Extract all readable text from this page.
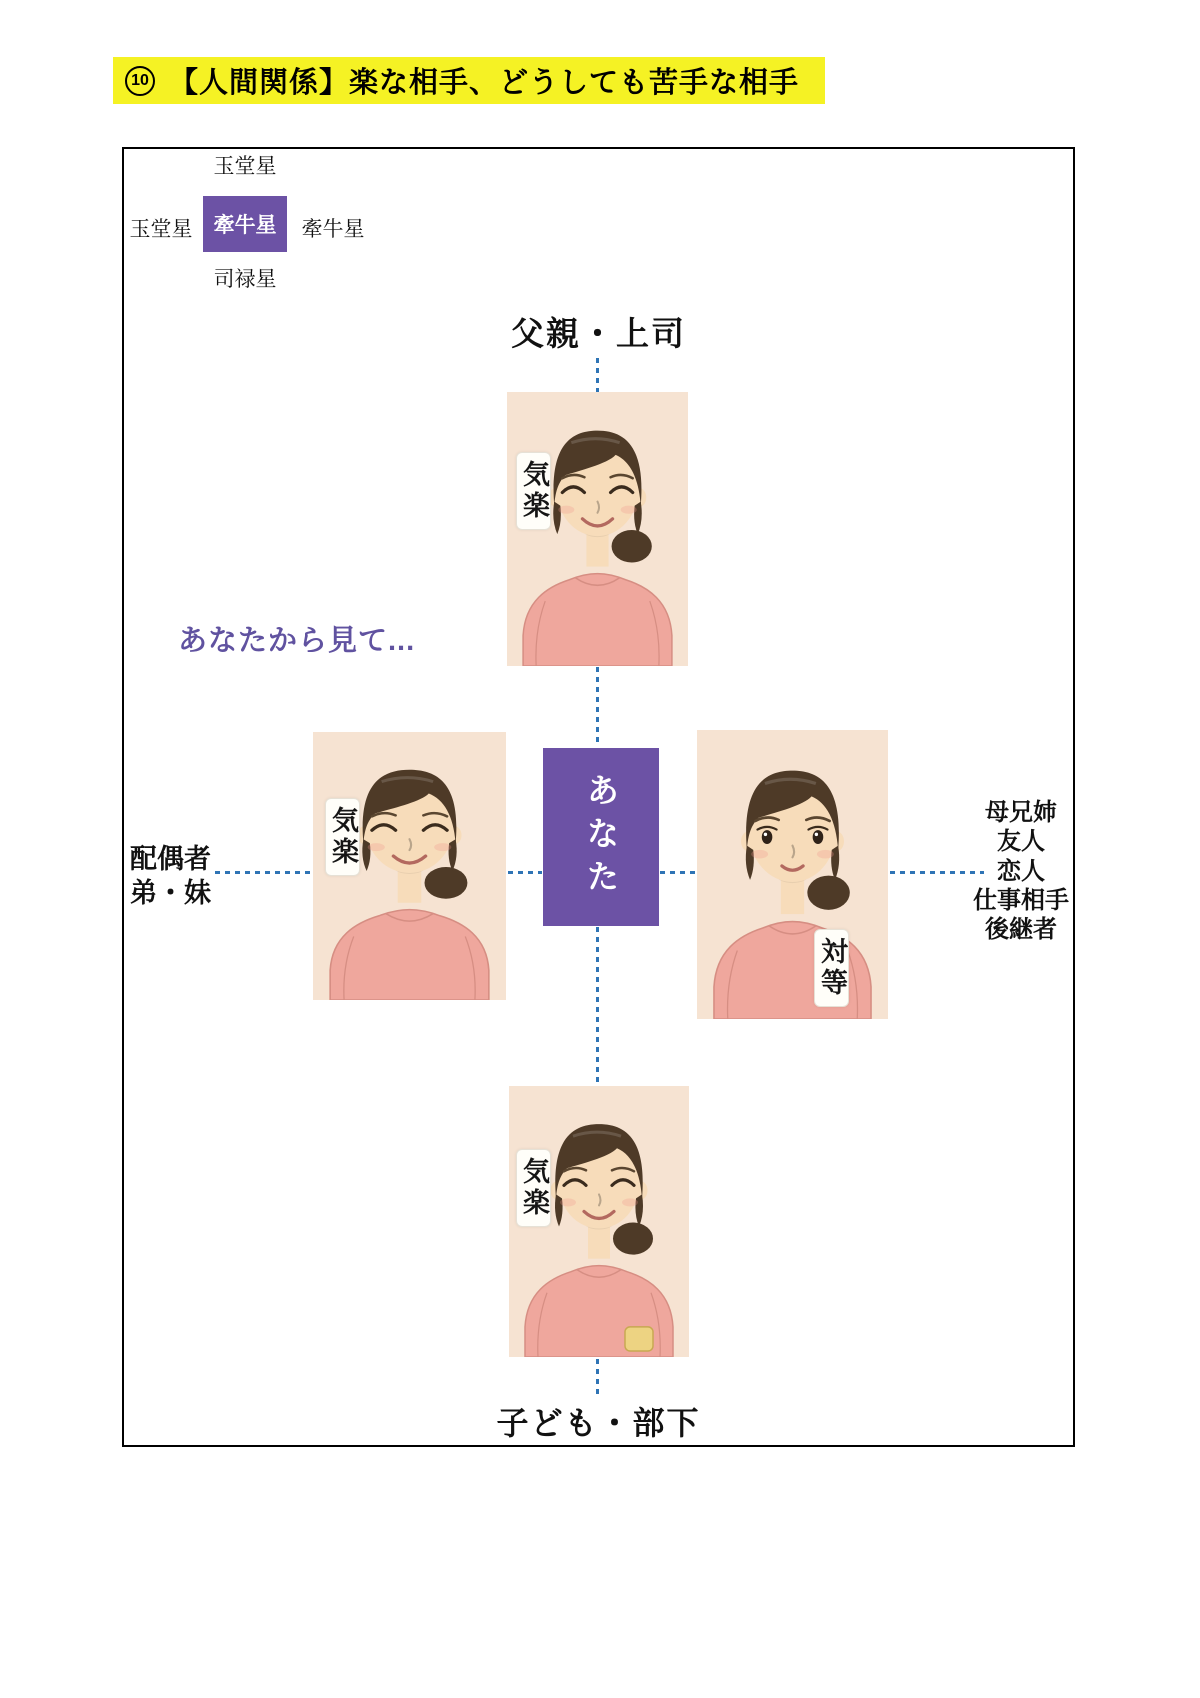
10 【人間関係】楽な相手、どうしても苦手な相手
玉堂星
玉堂星	牽牛星	牽牛星
司禄星
父親・上司
あなたから見て...
配偶者
弟・妹
母兄姉
友人
恋人
仕事相手
後継者
子ども・部下
あなた
気楽
気楽
対等
気楽
